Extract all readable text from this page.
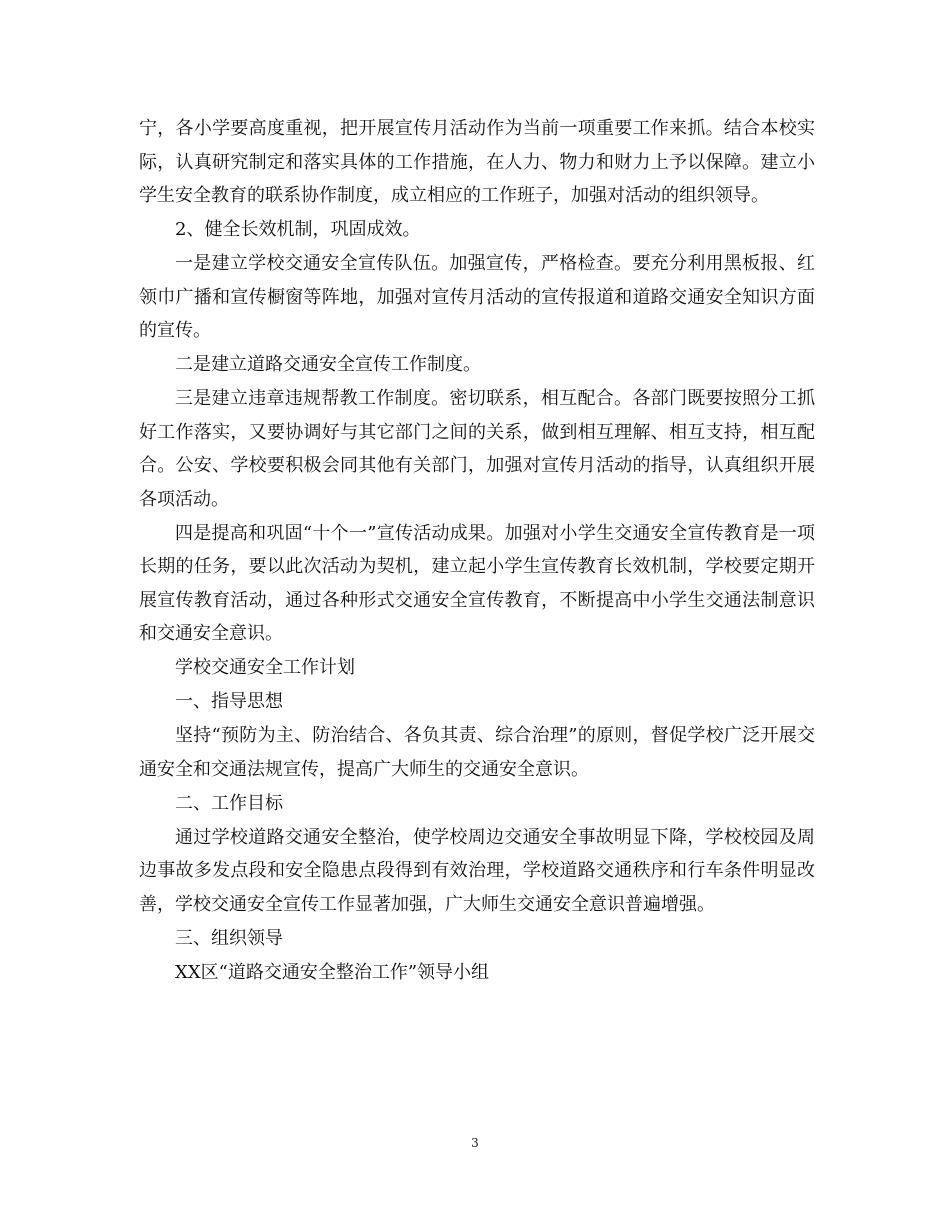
宁，各小学要高度重视，把开展宣传月活动作为当前一项重要工作来抓。结合本校实际，认真研究制定和落实具体的工作措施，在人力、物力和财力上予以保障。建立小学生安全教育的联系协作制度，成立相应的工作班子，加强对活动的组织领导。

2、健全长效机制，巩固成效。

一是建立学校交通安全宣传队伍。加强宣传，严格检查。要充分利用黑板报、红领巾广播和宣传橱窗等阵地，加强对宣传月活动的宣传报道和道路交通安全知识方面的宣传。

二是建立道路交通安全宣传工作制度。

三是建立违章违规帮教工作制度。密切联系，相互配合。各部门既要按照分工抓好工作落实，又要协调好与其它部门之间的关系，做到相互理解、相互支持，相互配合。公安、学校要积极会同其他有关部门，加强对宣传月活动的指导，认真组织开展各项活动。

四是提高和巩固“十个一”宣传活动成果。加强对小学生交通安全宣传教育是一项长期的任务，要以此次活动为契机，建立起小学生宣传教育长效机制，学校要定期开展宣传教育活动，通过各种形式交通安全宣传教育，不断提高中小学生交通法制意识和交通安全意识。

学校交通安全工作计划

一、指导思想

坚持“预防为主、防治结合、各负其责、综合治理”的原则，督促学校广泛开展交通安全和交通法规宣传，提高广大师生的交通安全意识。

二、工作目标

通过学校道路交通安全整治，使学校周边交通安全事故明显下降，学校校园及周边事故多发点段和安全隐患点段得到有效治理，学校道路交通秩序和行车条件明显改善，学校交通安全宣传工作显著加强，广大师生交通安全意识普遍增强。

三、组织领导

XX区“道路交通安全整治工作”领导小组

3
